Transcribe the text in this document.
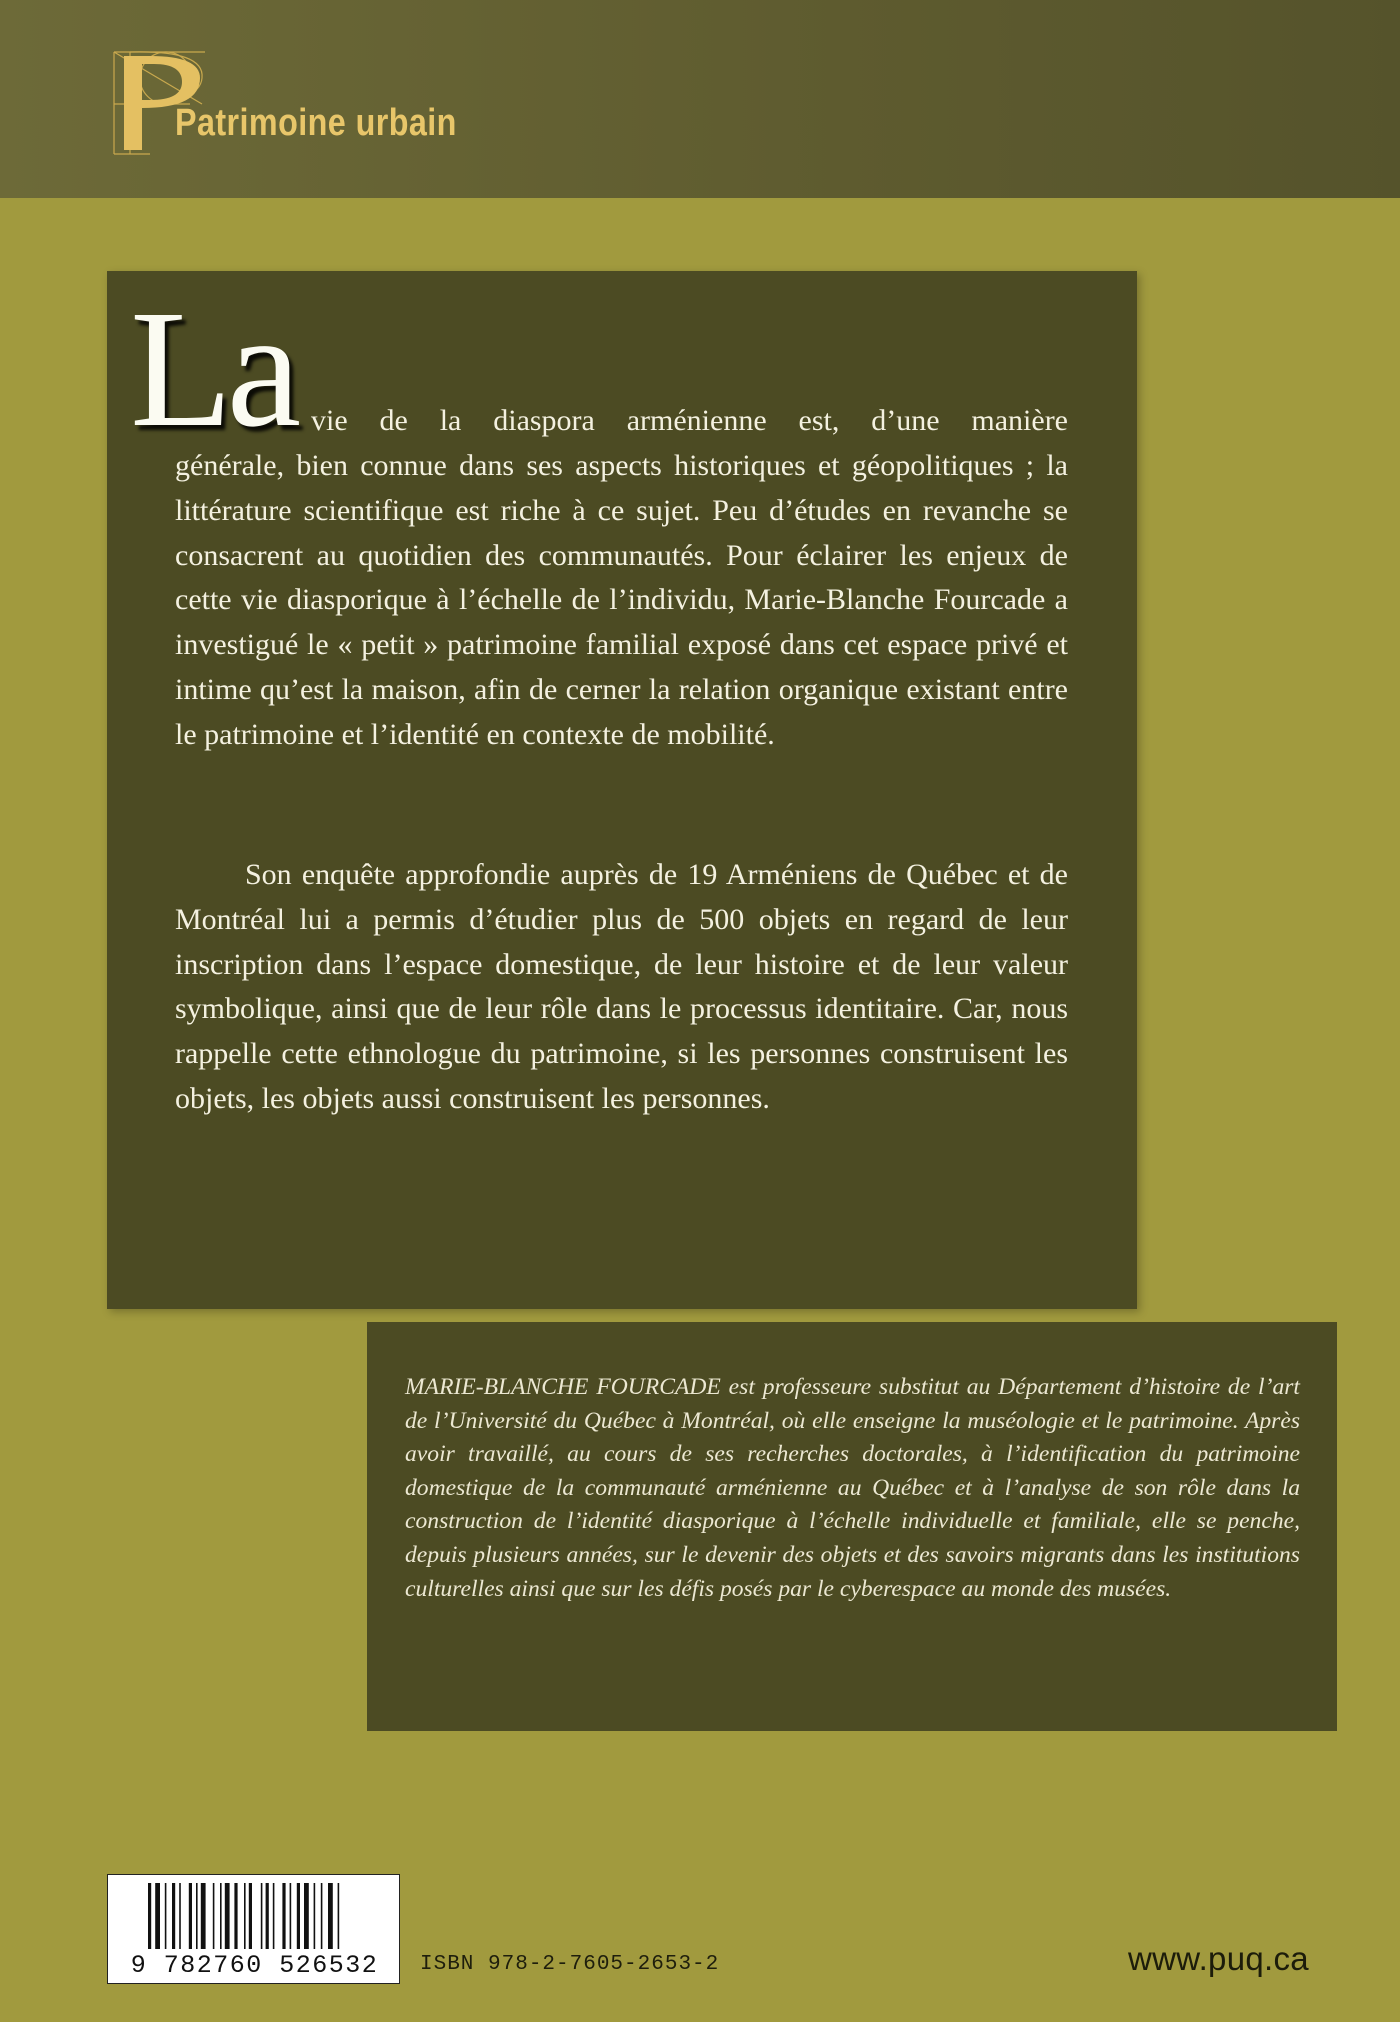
Patrimoine urbain
La vie de la diaspora arménienne est, d’une manière
générale, bien connue dans ses aspects historiques et géopolitiques ; la littérature scientifique est riche à ce sujet. Peu d’études en revanche se consacrent au quotidien des communautés. Pour éclairer les enjeux de cette vie diasporique à l’échelle de l’individu, Marie-Blanche Fourcade a investigué le « petit » patrimoine familial exposé dans cet espace privé et intime qu’est la maison, afin de cerner la relation organique existant entre le patrimoine et l’identité en contexte de mobilité.
Son enquête approfondie auprès de 19 Arméniens de Québec et de Montréal lui a permis d’étudier plus de 500 objets en regard de leur inscription dans l’espace domestique, de leur histoire et de leur valeur symbolique, ainsi que de leur rôle dans le processus identitaire. Car, nous rappelle cette ethnologue du patrimoine, si les personnes construisent les objets, les objets aussi construisent les personnes.
MARIE-BLANCHE FOURCADE est professeure substitut au Département d’histoire de l’art de l’Université du Québec à Montréal, où elle enseigne la muséologie et le patrimoine. Après avoir travaillé, au cours de ses recherches doctorales, à l’identification du patrimoine domestique de la communauté arménienne au Québec et à l’analyse de son rôle dans la construction de l’identité diasporique à l’échelle individuelle et familiale, elle se penche, depuis plusieurs années, sur le devenir des objets et des savoirs migrants dans les institutions culturelles ainsi que sur les défis posés par le cyberespace au monde des musées.
9 782760 526532	ISBN 978-2-7605-2653-2	www.puq.ca
